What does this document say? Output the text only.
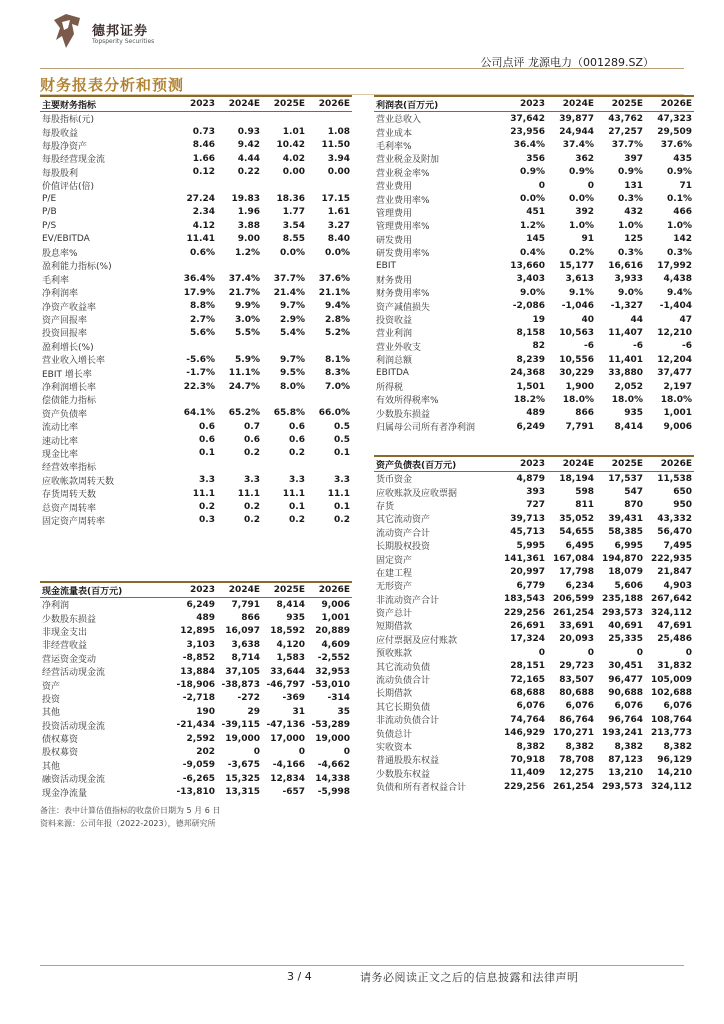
德邦证券
Topsperity Securities
公司点评 龙源电力（001289.SZ）
财务报表分析和预测
主要财务指标	2023	2024E	2025E	2026E
每股指标(元)				
每股收益	0.73	0.93	1.01	1.08
每股净资产	8.46	9.42	10.42	11.50
每股经营现金流	1.66	4.44	4.02	3.94
每股股利	0.12	0.22	0.00	0.00
价值评估(倍)				
P/E	27.24	19.83	18.36	17.15
P/B	2.34	1.96	1.77	1.61
P/S	4.12	3.88	3.54	3.27
EV/EBITDA	11.41	9.00	8.55	8.40
股息率%	0.6%	1.2%	0.0%	0.0%
盈利能力指标(%)				
毛利率	36.4%	37.4%	37.7%	37.6%
净利润率	17.9%	21.7%	21.4%	21.1%
净资产收益率	8.8%	9.9%	9.7%	9.4%
资产回报率	2.7%	3.0%	2.9%	2.8%
投资回报率	5.6%	5.5%	5.4%	5.2%
盈利增长(%)				
营业收入增长率	-5.6%	5.9%	9.7%	8.1%
EBIT 增长率	-1.7%	11.1%	9.5%	8.3%
净利润增长率	22.3%	24.7%	8.0%	7.0%
偿债能力指标				
资产负债率	64.1%	65.2%	65.8%	66.0%
流动比率	0.6	0.7	0.6	0.5
速动比率	0.6	0.6	0.6	0.5
现金比率	0.1	0.2	0.2	0.1
经营效率指标				
应收帐款周转天数	3.3	3.3	3.3	3.3
存货周转天数	11.1	11.1	11.1	11.1
总资产周转率	0.2	0.2	0.1	0.1
固定资产周转率	0.3	0.2	0.2	0.2
利润表(百万元)	2023	2024E	2025E	2026E
营业总收入	37,642	39,877	43,762	47,323
营业成本	23,956	24,944	27,257	29,509
毛利率%	36.4%	37.4%	37.7%	37.6%
营业税金及附加	356	362	397	435
营业税金率%	0.9%	0.9%	0.9%	0.9%
营业费用	0	0	131	71
营业费用率%	0.0%	0.0%	0.3%	0.1%
管理费用	451	392	432	466
管理费用率%	1.2%	1.0%	1.0%	1.0%
研发费用	145	91	125	142
研发费用率%	0.4%	0.2%	0.3%	0.3%
EBIT	13,660	15,177	16,616	17,992
财务费用	3,403	3,613	3,933	4,438
财务费用率%	9.0%	9.1%	9.0%	9.4%
资产减值损失	-2,086	-1,046	-1,327	-1,404
投资收益	19	40	44	47
营业利润	8,158	10,563	11,407	12,210
营业外收支	82	-6	-6	-6
利润总额	8,239	10,556	11,401	12,204
EBITDA	24,368	30,229	33,880	37,477
所得税	1,501	1,900	2,052	2,197
有效所得税率%	18.2%	18.0%	18.0%	18.0%
少数股东损益	489	866	935	1,001
归属母公司所有者净利润	6,249	7,791	8,414	9,006
资产负债表(百万元)	2023	2024E	2025E	2026E
货币资金	4,879	18,194	17,537	11,538
应收账款及应收票据	393	598	547	650
存货	727	811	870	950
其它流动资产	39,713	35,052	39,431	43,332
流动资产合计	45,713	54,655	58,385	56,470
长期股权投资	5,995	6,495	6,995	7,495
固定资产	141,361	167,084	194,870	222,935
在建工程	20,997	17,798	18,079	21,847
无形资产	6,779	6,234	5,606	4,903
非流动资产合计	183,543	206,599	235,188	267,642
资产总计	229,256	261,254	293,573	324,112
短期借款	26,691	33,691	40,691	47,691
应付票据及应付账款	17,324	20,093	25,335	25,486
预收账款	0	0	0	0
其它流动负债	28,151	29,723	30,451	31,832
流动负债合计	72,165	83,507	96,477	105,009
长期借款	68,688	80,688	90,688	102,688
其它长期负债	6,076	6,076	6,076	6,076
非流动负债合计	74,764	86,764	96,764	108,764
负债总计	146,929	170,271	193,241	213,773
实收资本	8,382	8,382	8,382	8,382
普通股股东权益	70,918	78,708	87,123	96,129
少数股东权益	11,409	12,275	13,210	14,210
负债和所有者权益合计	229,256	261,254	293,573	324,112
现金流量表(百万元)	2023	2024E	2025E	2026E
净利润	6,249	7,791	8,414	9,006
少数股东损益	489	866	935	1,001
非现金支出	12,895	16,097	18,592	20,889
非经营收益	3,103	3,638	4,120	4,609
营运资金变动	-8,852	8,714	1,583	-2,552
经营活动现金流	13,884	37,105	33,644	32,953
资产	-18,906	-38,873	-46,797	-53,010
投资	-2,718	-272	-369	-314
其他	190	29	31	35
投资活动现金流	-21,434	-39,115	-47,136	-53,289
债权募资	2,592	19,000	17,000	19,000
股权募资	202	0	0	0
其他	-9,059	-3,675	-4,166	-4,662
融资活动现金流	-6,265	15,325	12,834	14,338
现金净流量	-13,810	13,315	-657	-5,998
备注：表中计算估值指标的收盘价日期为 5 月 6 日
资料来源：公司年报（2022-2023），德邦研究所
3 / 4	请务必阅读正文之后的信息披露和法律声明
